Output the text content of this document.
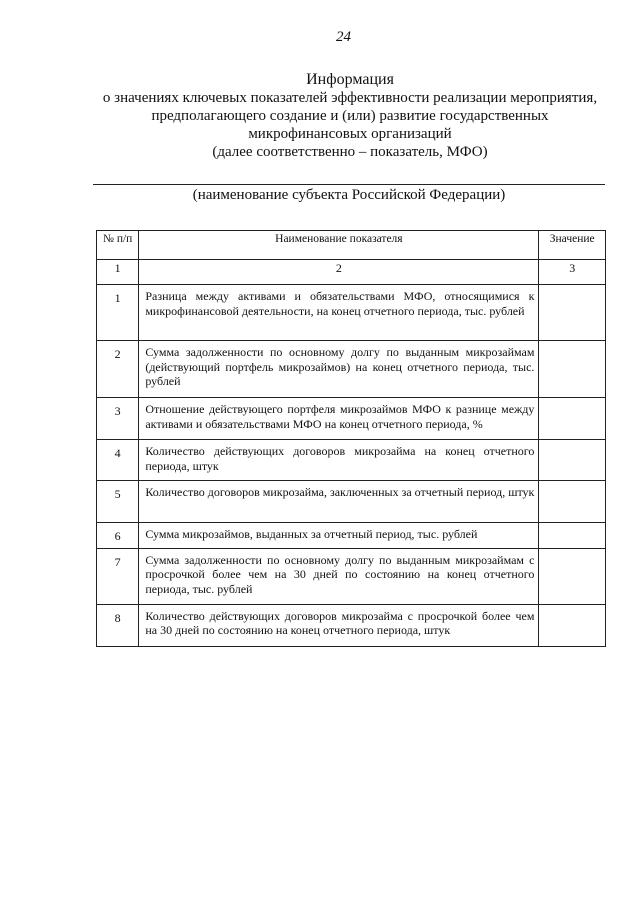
24
Информация
о значениях ключевых показателей эффективности реализации мероприятия,
предполагающего создание и (или) развитие государственных
микрофинансовых организаций
(далее соответственно – показатель, МФО)
(наименование субъекта Российской Федерации)
№ п/п	Наименование показателя	Значение
1	2	3
1	Разница между активами и обязательствами МФО, относящимися к микрофинансовой деятельности, на конец отчетного периода, тыс. рублей	
2	Сумма задолженности по основному долгу по выданным микрозаймам (действующий портфель микрозаймов) на конец отчетного периода, тыс. рублей	
3	Отношение действующего портфеля микрозаймов МФО к разнице между активами и обязательствами МФО на конец отчетного периода, %	
4	Количество действующих договоров микрозайма на конец отчетного периода, штук	
5	Количество договоров микрозайма, заключенных за отчетный период, штук	
6	Сумма микрозаймов, выданных за отчетный период, тыс. рублей	
7	Сумма задолженности по основному долгу по выданным микрозаймам с просрочкой более чем на 30 дней по состоянию на конец отчетного периода, тыс. рублей	
8	Количество действующих договоров микрозайма с просрочкой более чем на 30 дней по состоянию на конец отчетного периода, штук	
